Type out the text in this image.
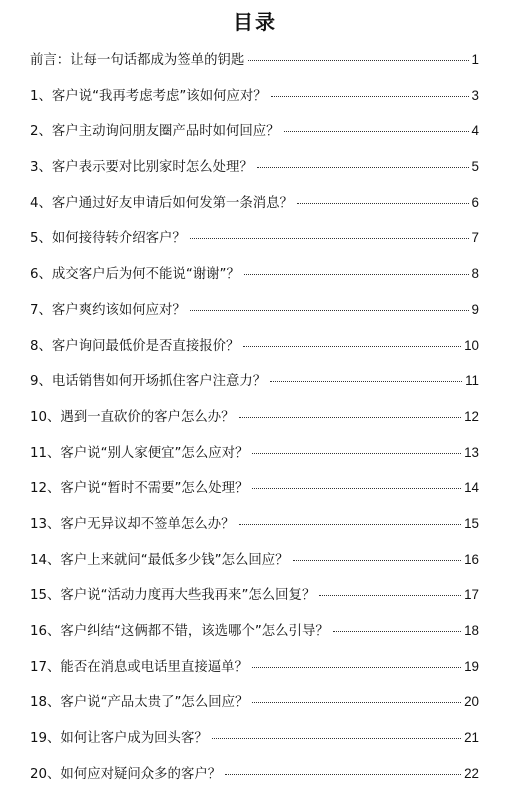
目录
前言：让每一句话都成为签单的钥匙	1
1、客户说“我再考虑考虑”该如何应对？	3
2、客户主动询问朋友圈产品时如何回应？	4
3、客户表示要对比别家时怎么处理？	5
4、客户通过好友申请后如何发第一条消息？	6
5、如何接待转介绍客户？	7
6、成交客户后为何不能说“谢谢”？	8
7、客户爽约该如何应对？	9
8、客户询问最低价是否直接报价？	10
9、电话销售如何开场抓住客户注意力？	11
10、遇到一直砍价的客户怎么办？	12
11、客户说“别人家便宜”怎么应对？	13
12、客户说“暂时不需要”怎么处理？	14
13、客户无异议却不签单怎么办？	15
14、客户上来就问“最低多少钱”怎么回应？	16
15、客户说“活动力度再大些我再来”怎么回复？	17
16、客户纠结“这俩都不错，该选哪个”怎么引导？	18
17、能否在消息或电话里直接逼单？	19
18、客户说“产品太贵了”怎么回应？	20
19、如何让客户成为回头客？	21
20、如何应对疑问众多的客户？	22
